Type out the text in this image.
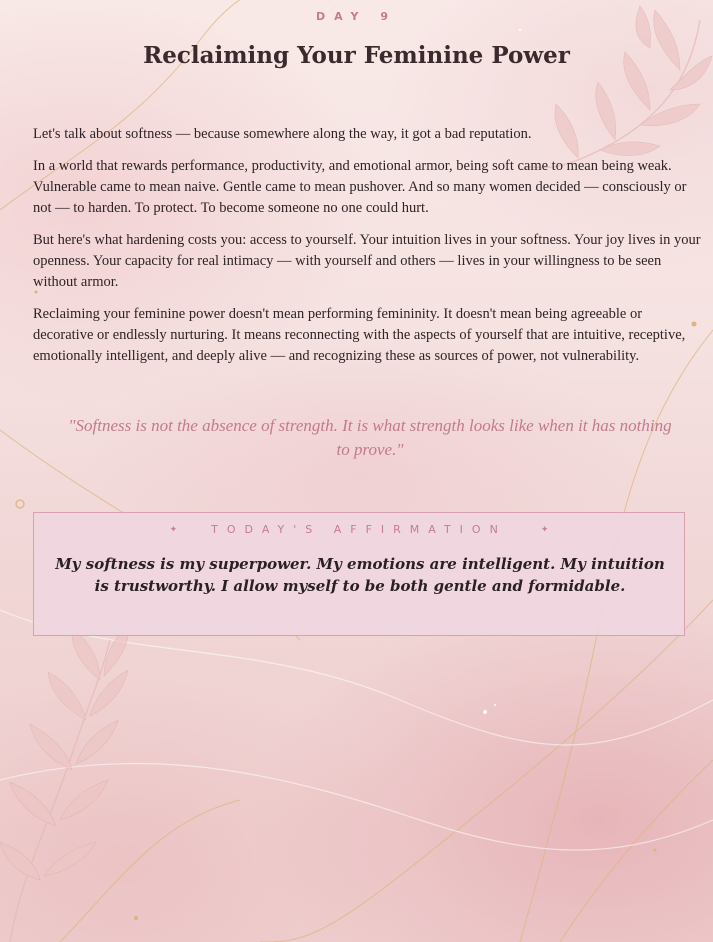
DAY 9
Reclaiming Your Feminine Power

Let's talk about softness — because somewhere along the way, it got a bad reputation.

In a world that rewards performance, productivity, and emotional armor, being soft came to mean being weak. Vulnerable came to mean naive. Gentle came to mean pushover. And so many women decided — consciously or not — to harden. To protect. To become someone no one could hurt.

But here's what hardening costs you: access to yourself. Your intuition lives in your softness. Your joy lives in your openness. Your capacity for real intimacy — with yourself and others — lives in your willingness to be seen without armor.

Reclaiming your feminine power doesn't mean performing femininity. It doesn't mean being agreeable or decorative or endlessly nurturing. It means reconnecting with the aspects of yourself that are intuitive, receptive, emotionally intelligent, and deeply alive — and recognizing these as sources of power, not vulnerability.

"Softness is not the absence of strength. It is what strength looks like when it has nothing to prove."
✦	TODAY'S AFFIRMATION	✦
My softness is my superpower. My emotions are intelligent. My intuition is trustworthy. I allow myself to be both gentle and formidable.
